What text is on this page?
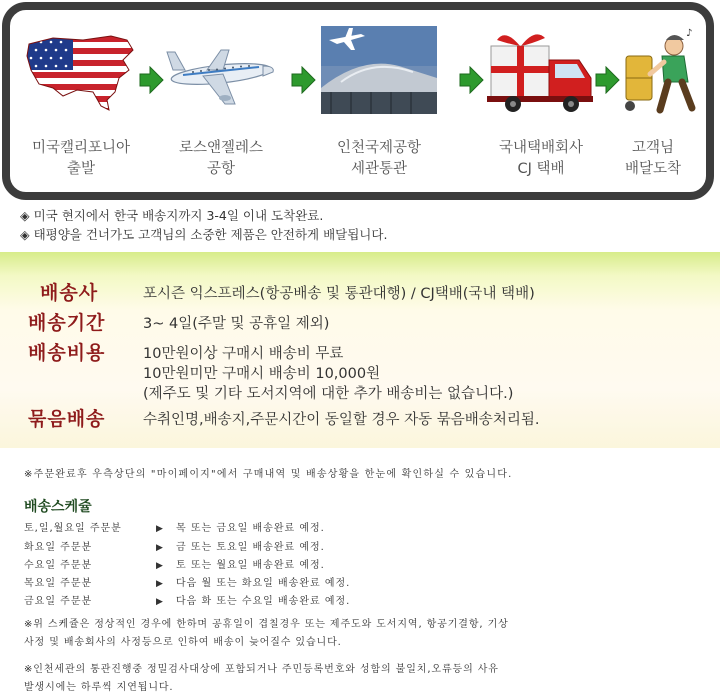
미국캘리포니아
출발
로스앤젤레스
공항
인천국제공항
세관통관
국내택배회사
CJ 택배
♪
고객님
배달도착
◈ 미국 현지에서 한국 배송지까지 3-4일 이내 도착완료.
◈ 태평양을 건너가도 고객님의 소중한 제품은 안전하게 배달됩니다.
배송사	포시즌 익스프레스(항공배송 및 통관대행) / CJ택배(국내 택배)
배송기간	3~ 4일(주말 및 공휴일 제외)
배송비용	10만원이상 구매시 배송비 무료
10만원미만 구매시 배송비 10,000원
(제주도 및 기타 도서지역에 대한 추가 배송비는 없습니다.)
묶음배송	수취인명,배송지,주문시간이 동일할 경우 자동 묶음배송처리됨.
※주문완료후 우측상단의 "마이페이지"에서 구매내역 및 배송상황을 한눈에 확인하실 수 있습니다.
배송스케쥴
토,일,월요일 주문분	▶ 목 또는 금요일 배송완료 예정.
화요일 주문분	▶ 금 또는 토요일 배송완료 예정.
수요일 주문분	▶ 토 또는 월요일 배송완료 예정.
목요일 주문분	▶ 다음 월 또는 화요일 배송완료 예정.
금요일 주문분	▶ 다음 화 또는 수요일 배송완료 예정.
※위 스케쥴은 정상적인 경우에 한하며 공휴일이 겹칠경우 또는 제주도와 도서지역, 항공기결항, 기상
사정 및 배송회사의 사정등으로 인하여 배송이 늦어질수 있습니다.
※인천세관의 통관진행중 정밀검사대상에 포함되거나 주민등록번호와 성함의 불일치,오류등의 사유
발생시에는 하루씩 지연됩니다.
